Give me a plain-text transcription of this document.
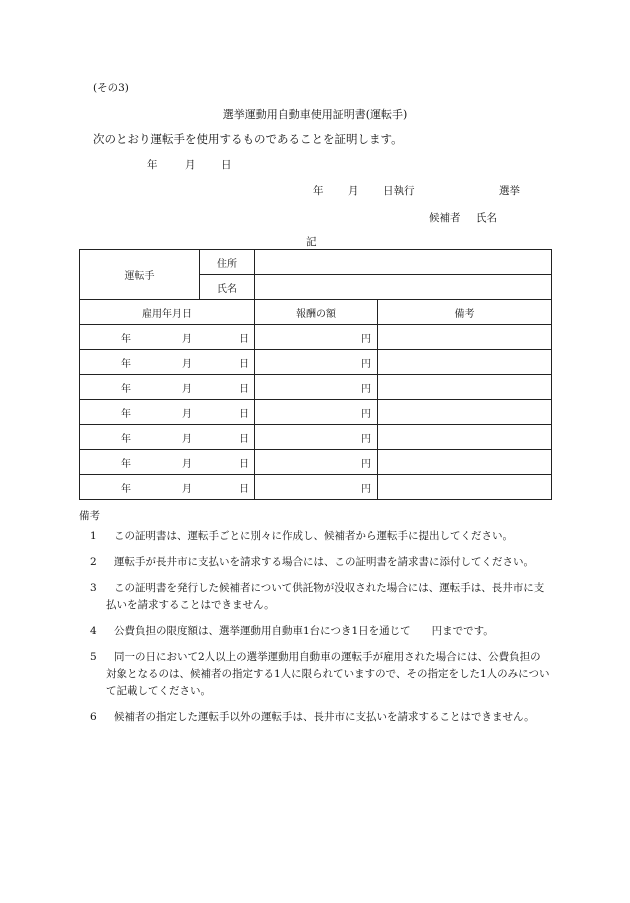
(その3)
選挙運動用自動車使用証明書(運転手)
次のとおり運転手を使用するものであることを証明します。
年	月 日
年 月 日執行	選挙
候補者 氏名
記
運転手	住所		
	氏名		
雇用年月日		報酬の額	備考

年 月 日		円	

年 月 日		円	

年 月 日		円	

年 月 日		円	

年 月 日		円	

年 月 日		円	

年 月 日		円	
備考
1	この証明書は、運転手ごとに別々に作成し、候補者から運転手に提出してください。
2	運転手が長井市に支払いを請求する場合には、この証明書を請求書に添付してください。
3	この証明書を発行した候補者について供託物が没収された場合には、運転手は、長井市に支払いを請求することはできません。
4	公費負担の限度額は、選挙運動用自動車1台につき1日を通じて　　円までです。
5	同一の日において2人以上の選挙運動用自動車の運転手が雇用された場合には、公費負担の対象となるのは、候補者の指定する1人に限られていますので、その指定をした1人のみについて記載してください。
6	候補者の指定した運転手以外の運転手は、長井市に支払いを請求することはできません。
